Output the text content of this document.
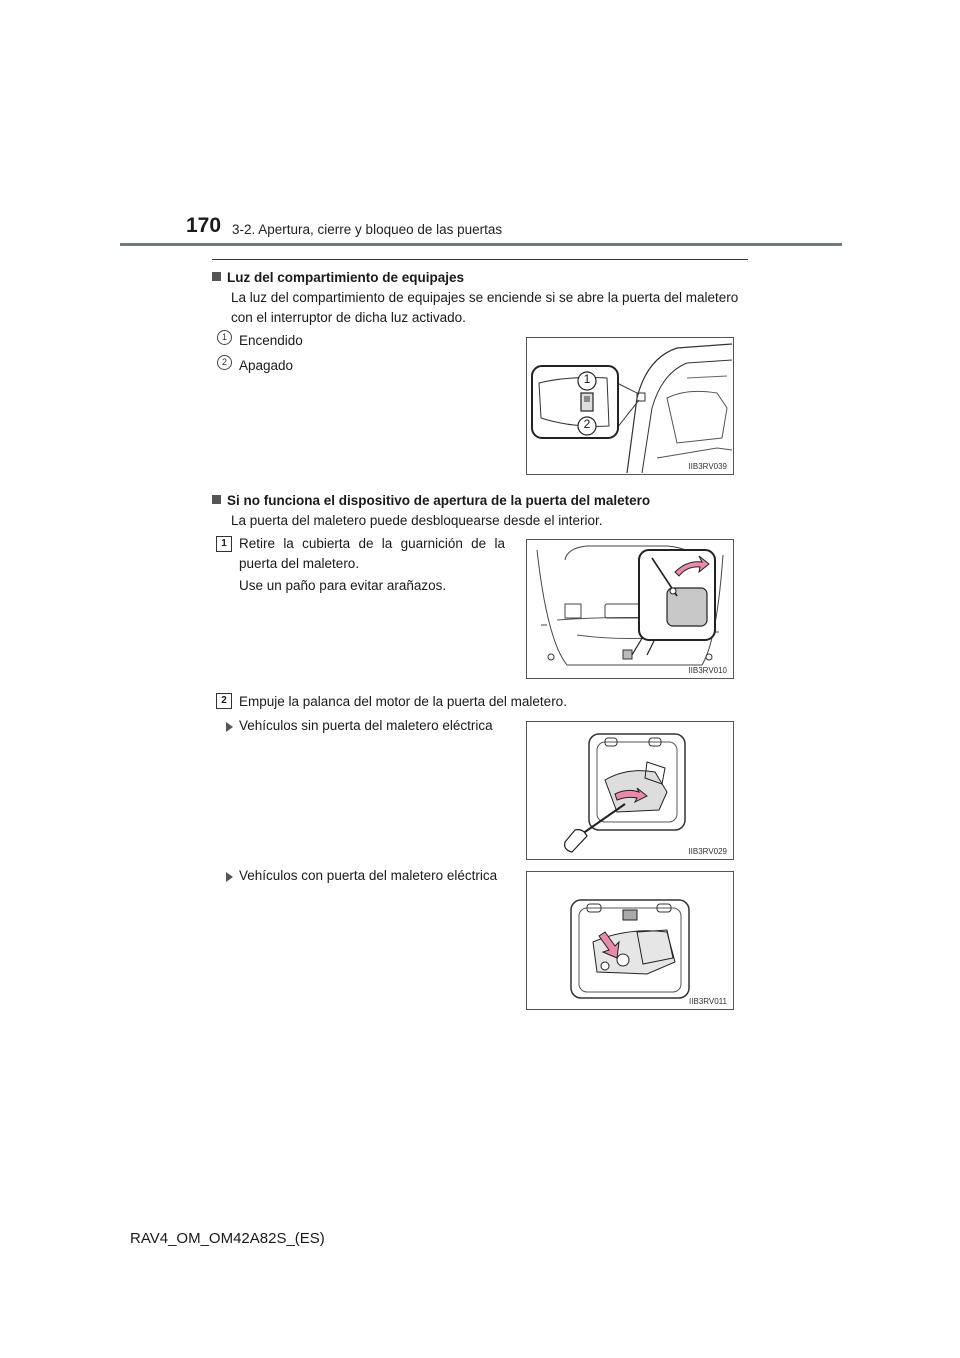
170 3-2. Apertura, cierre y bloqueo de las puertas
Luz del compartimiento de equipajes
La luz del compartimiento de equipajes se enciende si se abre la puerta del maletero
con el interruptor de dicha luz activado.
1 Encendido
2 Apagado
1
2
IIB3RV039
Si no funciona el dispositivo de apertura de la puerta del maletero
La puerta del maletero puede desbloquearse desde el interior.
1 Retire la cubierta de la guarnición de la
puerta del maletero.
Use un paño para evitar arañazos.
IIB3RV010
2 Empuje la palanca del motor de la puerta del maletero.
Vehículos sin puerta del maletero eléctrica
IIB3RV029
Vehículos con puerta del maletero eléctrica
IIB3RV011
RAV4_OM_OM42A82S_(ES)
